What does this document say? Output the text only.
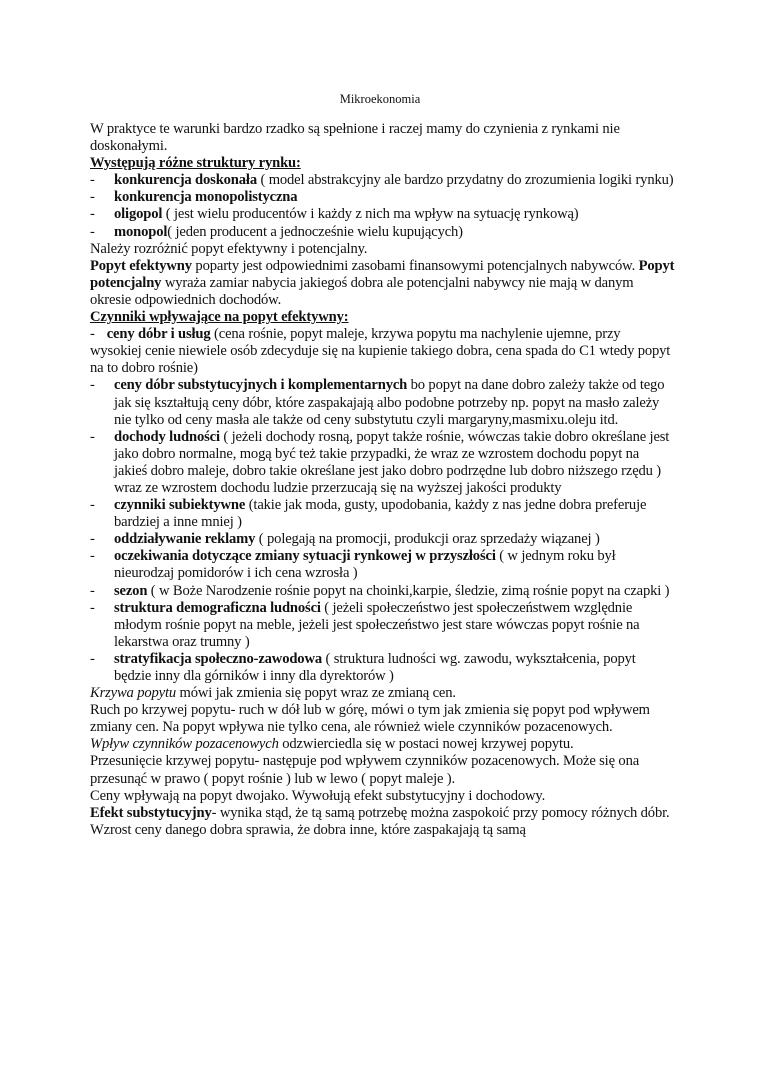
Mikroekonomia

W praktyce te warunki bardzo rzadko są spełnione i raczej mamy do czynienia z rynkami nie doskonałymi.

Występują różne struktury rynku:

- konkurencja doskonała ( model abstrakcyjny ale bardzo przydatny do zrozumienia logiki rynku)

- konkurencja monopolistyczna

- oligopol ( jest wielu producentów i każdy z nich ma wpływ na sytuację rynkową)

- monopol( jeden producent a jednocześnie wielu kupujących)

Należy rozróżnić popyt efektywny i potencjalny.

Popyt efektywny poparty jest odpowiednimi zasobami finansowymi potencjalnych nabywców. Popyt potencjalny wyraża zamiar nabycia jakiegoś dobra ale potencjalni nabywcy nie mają w danym okresie odpowiednich dochodów.

Czynniki wpływające na popyt efektywny:

- ceny dóbr i usług (cena rośnie, popyt maleje, krzywa popytu ma nachylenie ujemne, przy wysokiej cenie niewiele osób zdecyduje się na kupienie takiego dobra, cena spada do C1 wtedy popyt na to dobro rośnie)

- ceny dóbr substytucyjnych i komplementarnych bo popyt na dane dobro zależy także od tego jak się kształtują ceny dóbr, które zaspakajają albo podobne potrzeby np. popyt na masło zależy nie tylko od ceny masła ale także od ceny substytutu czyli margaryny,masmixu.oleju itd.

- dochody ludności ( jeżeli dochody rosną, popyt także rośnie, wówczas takie dobro określane jest jako dobro normalne, mogą być też takie przypadki, że wraz ze wzrostem dochodu popyt na jakieś dobro maleje, dobro takie określane jest jako dobro podrzędne lub dobro niższego rzędu ) wraz ze wzrostem dochodu ludzie przerzucają się na wyższej jakości produkty

- czynniki subiektywne (takie jak moda, gusty, upodobania, każdy z nas jedne dobra preferuje bardziej a inne mniej )

- oddziaływanie reklamy ( polegają na promocji, produkcji oraz sprzedaży wiązanej )

- oczekiwania dotyczące zmiany sytuacji rynkowej w przyszłości ( w jednym roku był nieurodzaj pomidorów i ich cena wzrosła )

- sezon ( w Boże Narodzenie rośnie popyt na choinki,karpie, śledzie, zimą rośnie popyt na czapki )

- struktura demograficzna ludności ( jeżeli społeczeństwo jest społeczeństwem względnie młodym rośnie popyt na meble, jeżeli jest społeczeństwo jest stare wówczas popyt rośnie na lekarstwa oraz trumny )

- stratyfikacja społeczno-zawodowa ( struktura ludności wg. zawodu, wykształcenia, popyt będzie inny dla górników i inny dla dyrektorów )

Krzywa popytu mówi jak zmienia się popyt wraz ze zmianą cen.

Ruch po krzywej popytu- ruch w dół lub w górę, mówi o tym jak zmienia się popyt pod wpływem zmiany cen. Na popyt wpływa nie tylko cena, ale również wiele czynników pozacenowych.

Wpływ czynników pozacenowych odzwierciedla się w postaci nowej krzywej popytu.

Przesunięcie krzywej popytu- następuje pod wpływem czynników pozacenowych. Może się ona przesunąć w prawo ( popyt rośnie ) lub w lewo ( popyt maleje ).

Ceny wpływają na popyt dwojako. Wywołują efekt substytucyjny i dochodowy.

Efekt substytucyjny- wynika stąd, że tą samą potrzebę można zaspokoić przy pomocy różnych dóbr. Wzrost ceny danego dobra sprawia, że dobra inne, które zaspakajają tą samą
